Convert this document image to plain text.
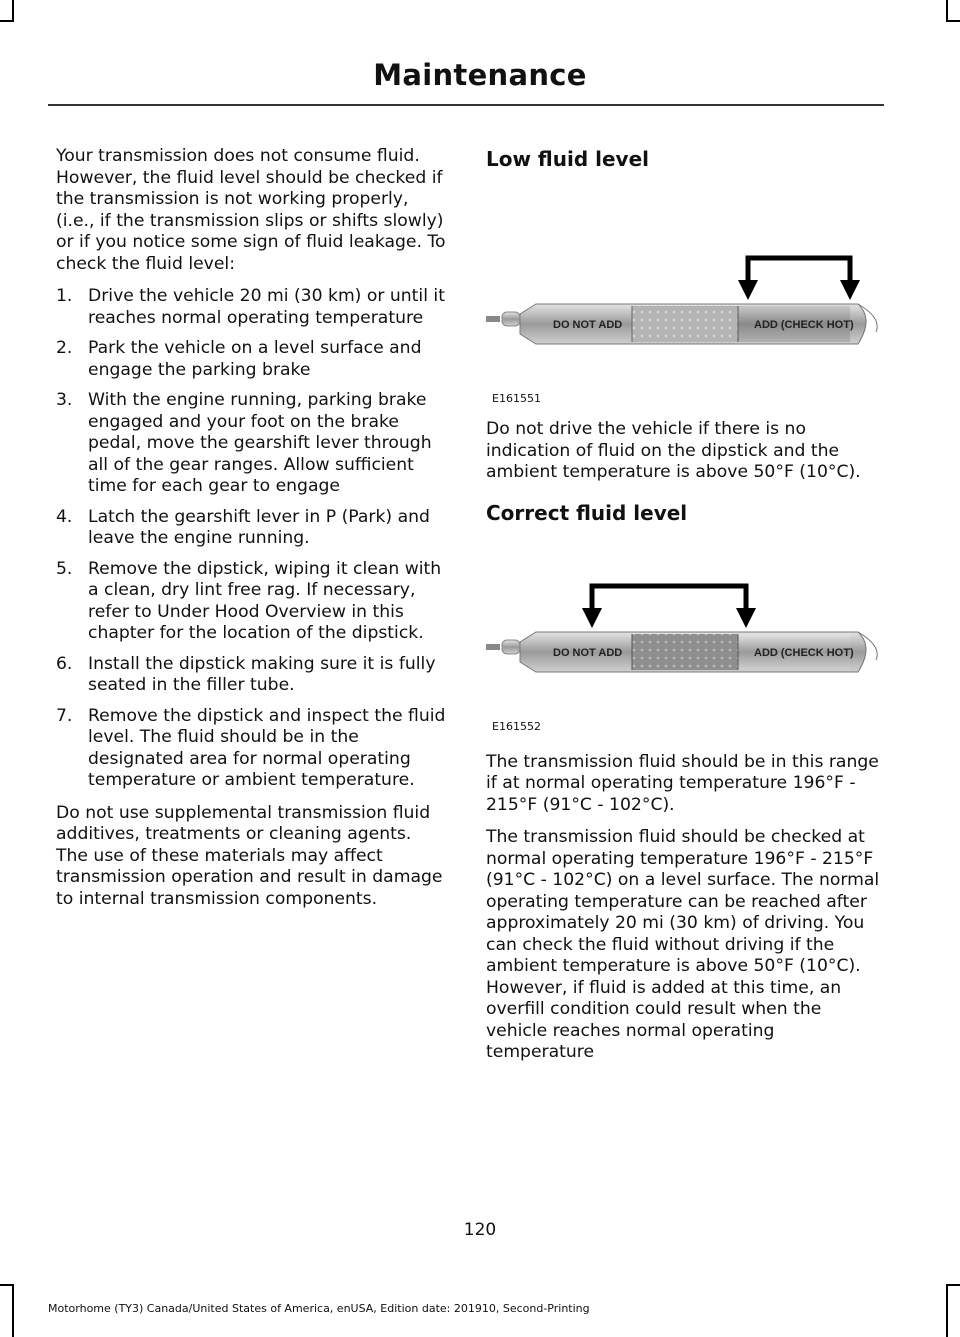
Maintenance

Your transmission does not consume fluid. However, the fluid level should be checked if the transmission is not working properly, (i.e., if the transmission slips or shifts slowly) or if you notice some sign of fluid leakage. To check the fluid level:

1. Drive the vehicle 20 mi (30 km) or until it reaches normal operating temperature
2. Park the vehicle on a level surface and engage the parking brake
3. With the engine running, parking brake engaged and your foot on the brake pedal, move the gearshift lever through all of the gear ranges. Allow sufficient time for each gear to engage
4. Latch the gearshift lever in P (Park) and leave the engine running.
5. Remove the dipstick, wiping it clean with a clean, dry lint free rag. If necessary, refer to Under Hood Overview in this chapter for the location of the dipstick.
6. Install the dipstick making sure it is fully seated in the filler tube.
7. Remove the dipstick and inspect the fluid level. The fluid should be in the designated area for normal operating temperature or ambient temperature.

Do not use supplemental transmission fluid additives, treatments or cleaning agents. The use of these materials may affect transmission operation and result in damage to internal transmission components.

Low fluid level
DO NOT ADD	ADD (CHECK HOT)
E161551

Do not drive the vehicle if there is no indication of fluid on the dipstick and the ambient temperature is above 50°F (10°C).

Correct fluid level
DO NOT ADD	ADD (CHECK HOT)
E161552

The transmission fluid should be in this range if at normal operating temperature 196°F - 215°F (91°C - 102°C).

The transmission fluid should be checked at normal operating temperature 196°F - 215°F (91°C - 102°C) on a level surface. The normal operating temperature can be reached after approximately 20 mi (30 km) of driving. You can check the fluid without driving if the ambient temperature is above 50°F (10°C). However, if fluid is added at this time, an overfill condition could result when the vehicle reaches normal operating temperature

120
Motorhome (TY3) Canada/United States of America, enUSA, Edition date: 201910, Second-Printing
